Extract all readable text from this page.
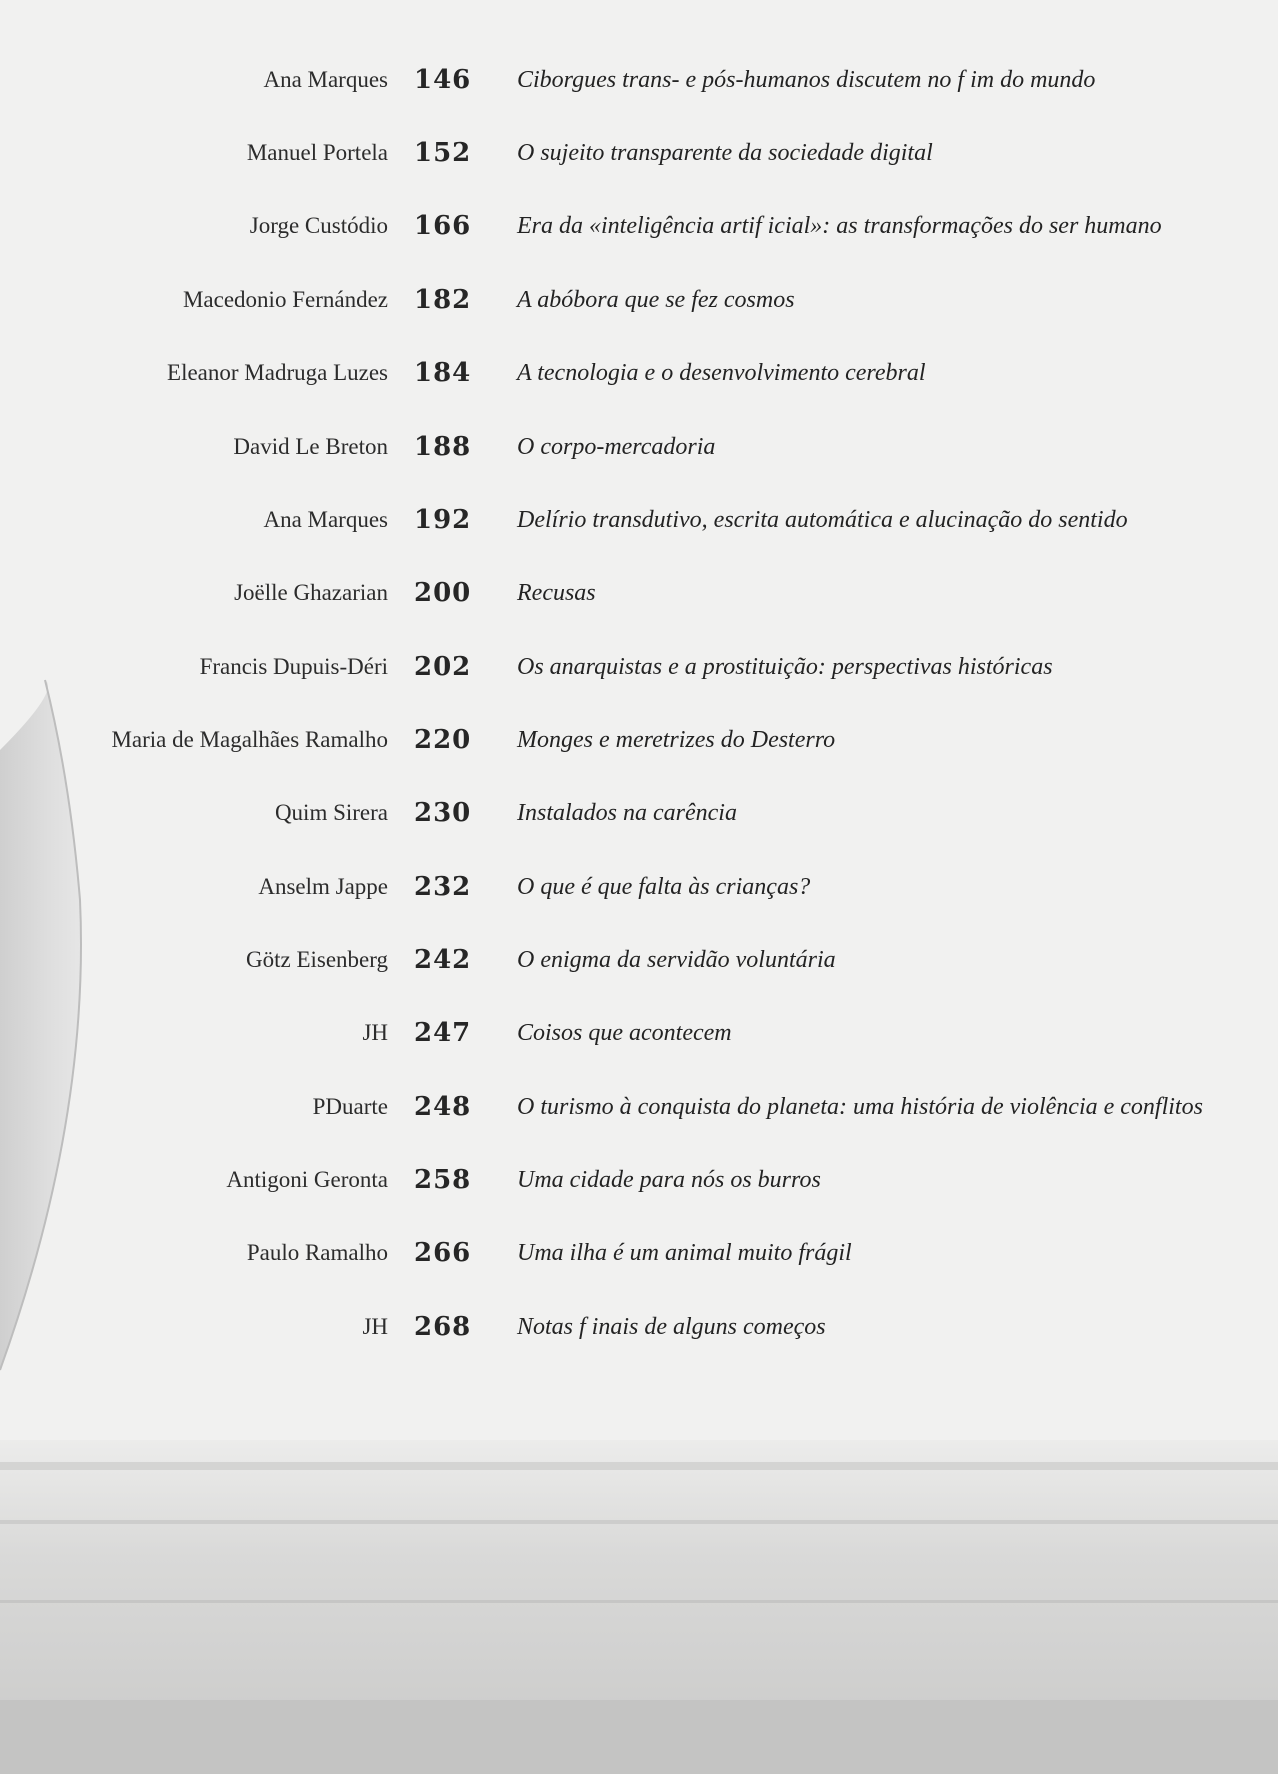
Ana Marques 146	Ciborgues trans- e pós-humanos discutem no f im do mundo
Manuel Portela 152	O sujeito transparente da sociedade digital
Jorge Custódio 166	Era da «inteligência artif icial»: as transformações do ser humano
Macedonio Fernández 182	A abóbora que se fez cosmos
Eleanor Madruga Luzes 184	A tecnologia e o desenvolvimento cerebral
David Le Breton 188	O corpo-mercadoria
Ana Marques 192	Delírio transdutivo, escrita automática e alucinação do sentido
Joëlle Ghazarian 200	Recusas
Francis Dupuis-Déri 202	Os anarquistas e a prostituição: perspectivas históricas
Maria de Magalhães Ramalho 220	Monges e meretrizes do Desterro
Quim Sirera 230	Instalados na carência
Anselm Jappe 232	O que é que falta às crianças?
Götz Eisenberg 242	O enigma da servidão voluntária
JH 247	Coisos que acontecem
PDuarte 248	O turismo à conquista do planeta: uma história de violência e conflitos
Antigoni Geronta 258	Uma cidade para nós os burros
Paulo Ramalho 266	Uma ilha é um animal muito frágil
JH 268	Notas f inais de alguns começos
